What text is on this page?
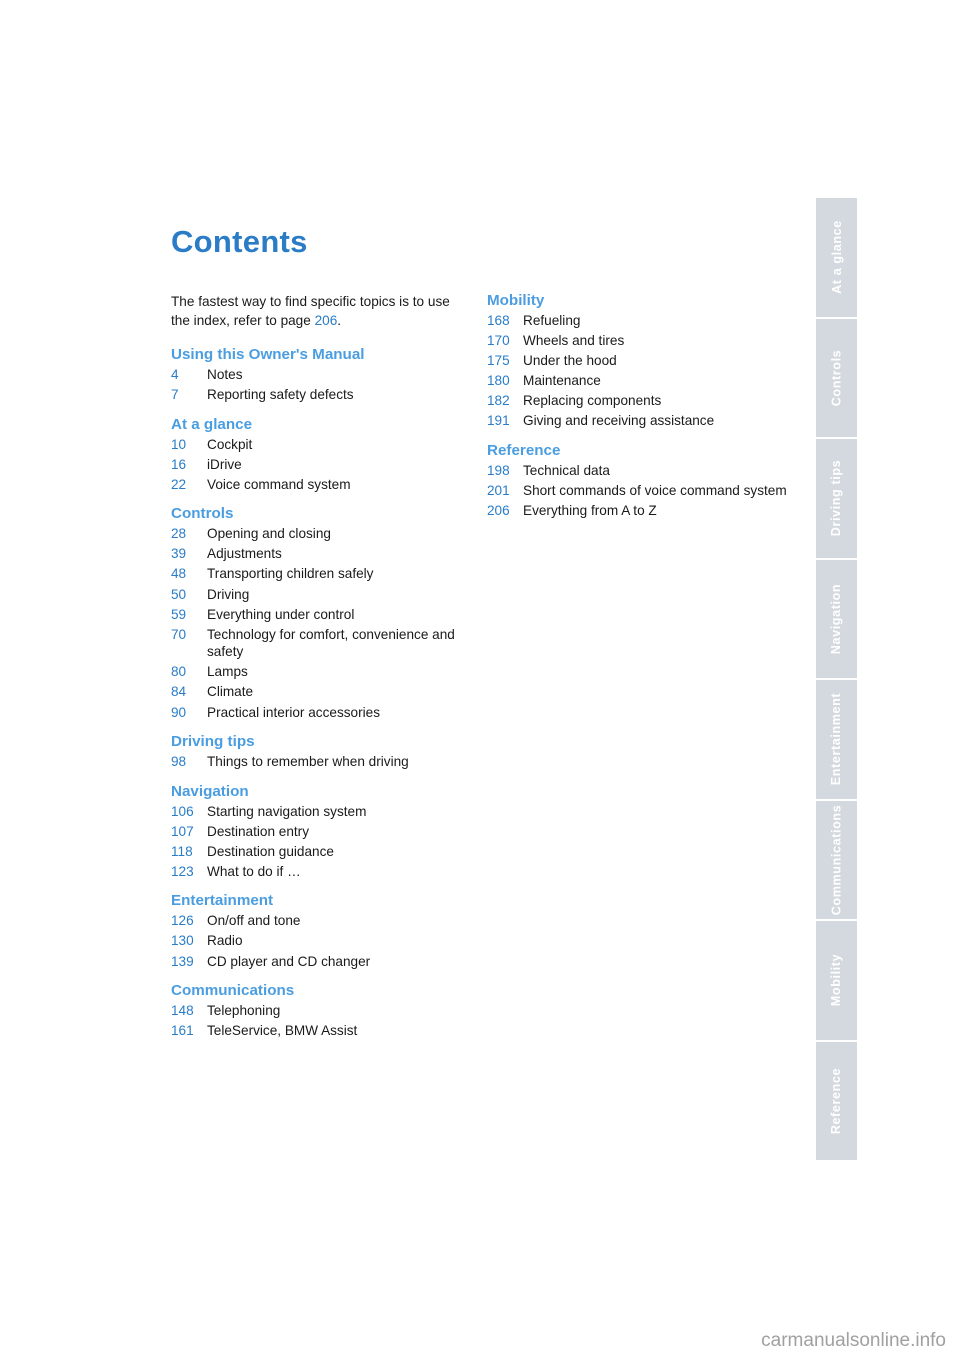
Contents
The fastest way to find specific topics is to use the index, refer to page 206.
Using this Owner's Manual
4	Notes
7	Reporting safety defects
At a glance
10	Cockpit
16	iDrive
22	Voice command system
Controls
28	Opening and closing
39	Adjustments
48	Transporting children safely
50	Driving
59	Everything under control
70	Technology for comfort, convenience and safety
80	Lamps
84	Climate
90	Practical interior accessories
Driving tips
98	Things to remember when driving
Navigation
106 Starting navigation system
107 Destination entry
118	Destination guidance
123 What to do if …
Entertainment
126 On/off and tone
130 Radio
139 CD player and CD changer
Communications
148 Telephoning
161 TeleService, BMW Assist
Mobility
168 Refueling
170 Wheels and tires
175 Under the hood
180 Maintenance
182 Replacing components
191 Giving and receiving assistance
Reference
198 Technical data
201 Short commands of voice command system
206 Everything from A to Z
At a glance
Controls
Driving tips
Navigation
Entertainment
Communications
Mobility
Reference
carmanualsonline.info
